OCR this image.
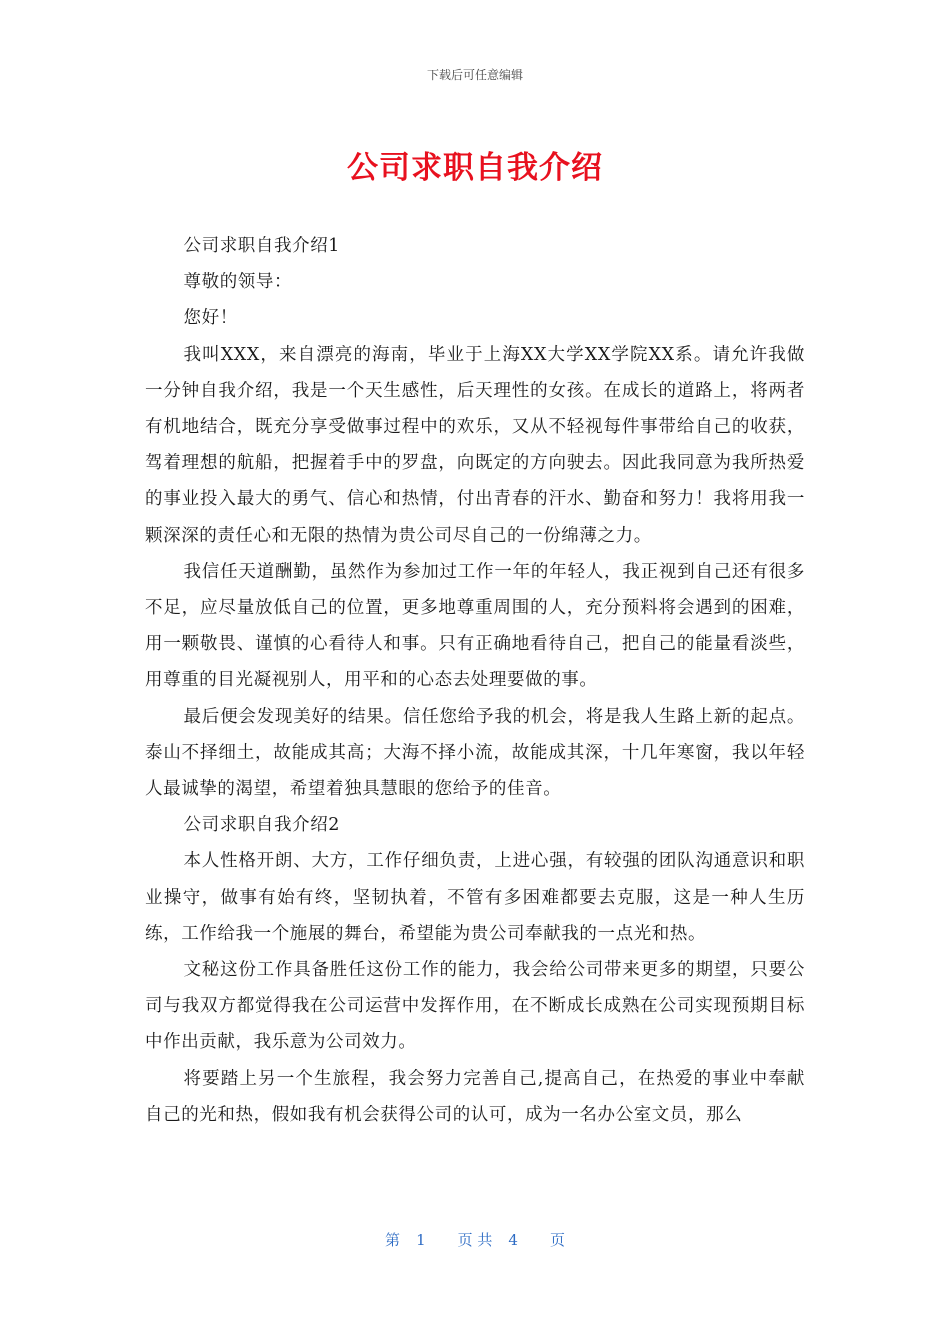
下载后可任意编辑
公司求职自我介绍

公司求职自我介绍1

尊敬的领导：

您好！

我叫XXX，来自漂亮的海南，毕业于上海XX大学XX学院XX系。请允许我做一分钟自我介绍，我是一个天生感性，后天理性的女孩。在成长的道路上，将两者有机地结合，既充分享受做事过程中的欢乐，又从不轻视每件事带给自己的收获，驾着理想的航船，把握着手中的罗盘，向既定的方向驶去。因此我同意为我所热爱的事业投入最大的勇气、信心和热情，付出青春的汗水、勤奋和努力！我将用我一颗深深的责任心和无限的热情为贵公司尽自己的一份绵薄之力。

我信任天道酬勤，虽然作为参加过工作一年的年轻人，我正视到自己还有很多不足，应尽量放低自己的位置，更多地尊重周围的人，充分预料将会遇到的困难，用一颗敬畏、谨慎的心看待人和事。只有正确地看待自己，把自己的能量看淡些，用尊重的目光凝视别人，用平和的心态去处理要做的事。

最后便会发现美好的结果。信任您给予我的机会，将是我人生路上新的起点。泰山不择细土，故能成其高；大海不择小流，故能成其深，十几年寒窗，我以年轻人最诚挚的渴望，希望着独具慧眼的您给予的佳音。

公司求职自我介绍2

本人性格开朗、大方，工作仔细负责，上进心强，有较强的团队沟通意识和职业操守，做事有始有终，坚韧执着，不管有多困难都要去克服，这是一种人生历练，工作给我一个施展的舞台，希望能为贵公司奉献我的一点光和热。

文秘这份工作具备胜任这份工作的能力，我会给公司带来更多的期望，只要公司与我双方都觉得我在公司运营中发挥作用，在不断成长成熟在公司实现预期目标中作出贡献，我乐意为公司效力。

将要踏上另一个生旅程，我会努力完善自己,提高自己，在热爱的事业中奉献自己的光和热，假如我有机会获得公司的认可，成为一名办公室文员，那么

第 1 页 共 4 页
